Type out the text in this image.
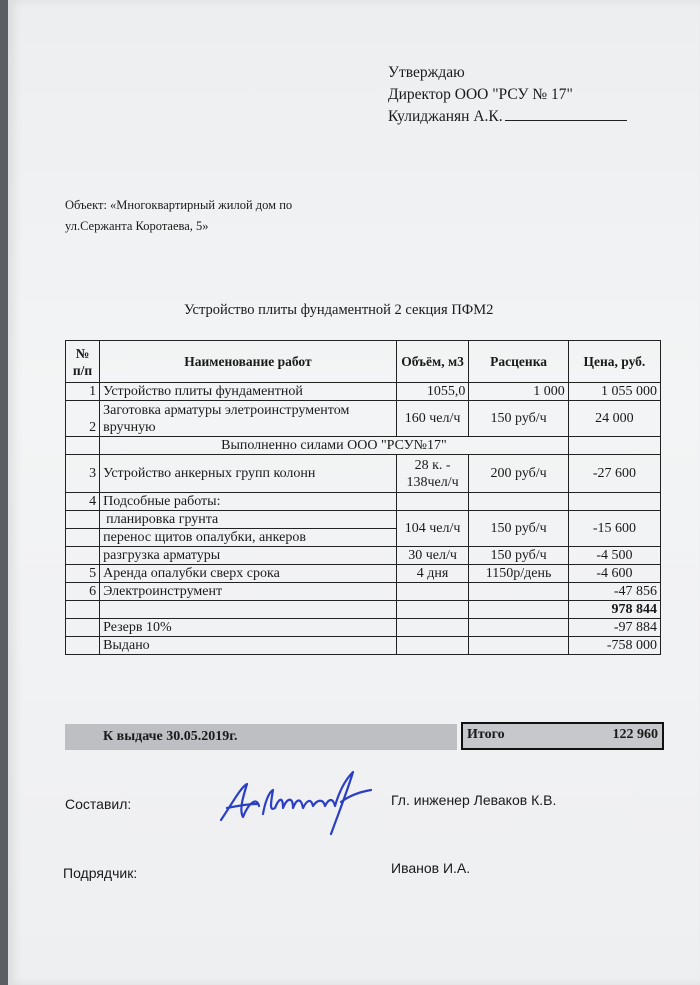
Утверждаю
Директор ООО "РСУ № 17"
Кулиджанян А.К.
Объект: «Многоквартирный жилой дом по
ул.Сержанта Коротаева, 5»
Устройство плиты фундаментной 2 секция ПФМ2
№ п/п	Наименование работ	Объём, м3	Расценка	Цена, руб.
1	Устройство плиты фундаментной	1055,0	1 000	1 055 000
2	Заготовка арматуры элетроинструментом вручную	160 чел/ч	150 руб/ч	24 000
	Выполненно силами ООО "РСУ№17"			
3	Устройство анкерных групп колонн	28 к. - 138чел/ч	200 руб/ч	-27 600
4	Подсобные работы:			
	планировка грунта	104 чел/ч	150 руб/ч	-15 600
	перенос щитов опалубки, анкеров			
	разгрузка арматуры	30 чел/ч	150 руб/ч	-4 500
5	Аренда опалубки сверх срока	4 дня	1150р/день	-4 600
6	Электроинструмент			-47 856
				978 844
	Резерв 10%			-97 884
	Выдано			-758 000
К выдаче 30.05.2019г.	Итого	122 960
Составил:	Гл. инженер Леваков К.В.
Подрядчик:	Иванов И.А.
